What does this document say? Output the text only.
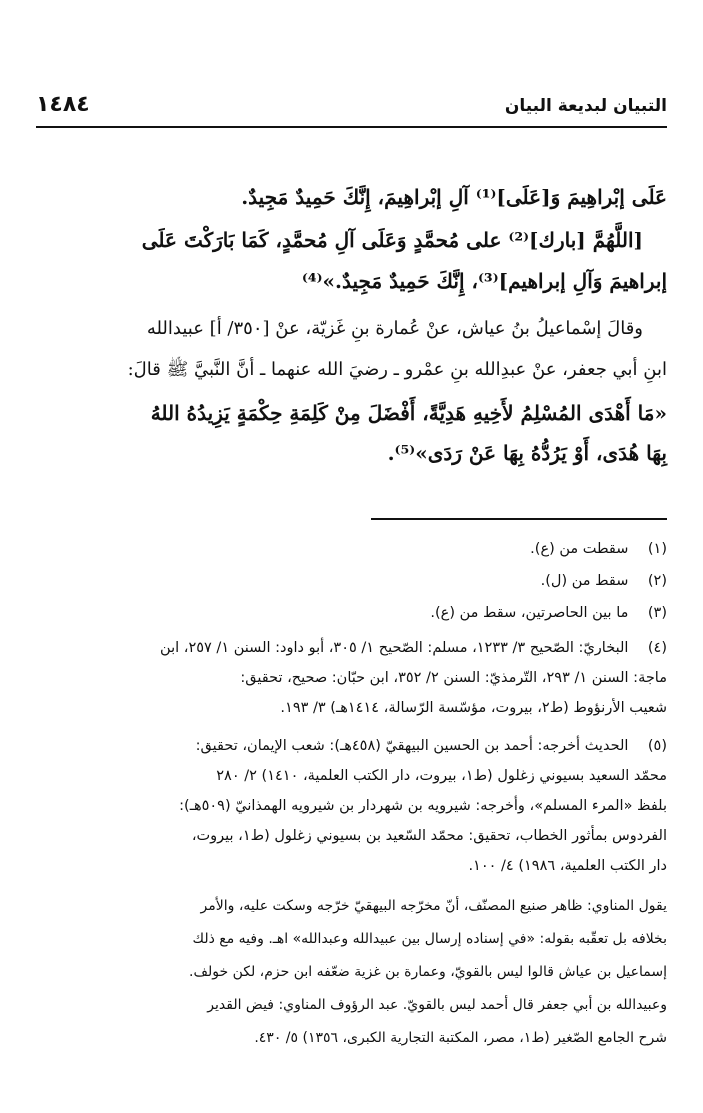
التبيان لبديعة البيان
١٤٨٤
عَلَى إبْراهِيمَ وَ[عَلَى]⁽¹⁾ آلِ إبْراهِيمَ، إِنَّكَ حَمِيدٌ مَجِيدٌ.
[اللَّهُمَّ [بارك]⁽²⁾ على مُحمَّدٍ وَعَلَى آلِ مُحمَّدٍ، كَمَا بَارَكْتَ عَلَى
إبراهيمَ وَآلِ إبراهيم]⁽³⁾، إِنَّكَ حَمِيدٌ مَجِيدٌ.»⁽⁴⁾
وقالَ إسْماعيلُ بنُ عياش، عنْ عُمارة بنِ غَزيّة، عنْ [٣٥٠/ أ] عبيدالله
ابنِ أبي جعفر، عنْ عبدِالله بنِ عمْرو ـ رضيَ الله عنهما ـ أنَّ النَّبيَّ ﷺ قالَ:
«مَا أَهْدَى المُسْلِمُ لأَخِيهِ هَدِيَّةً، أَفْضَلَ مِنْ كَلِمَةِ حِكْمَةٍ يَزِيدُهُ اللهُ
بِهَا هُدَى، أَوْ يَرُدُّهُ بِهَا عَنْ رَدَى»⁽⁵⁾.
(١) سقطت من (ع).
(٢) سقط من (ل).
(٣) ما بين الحاصرتين، سقط من (ع).
(٤) البخاريّ: الصّحيح ٣/ ١٢٣٣، مسلم: الصّحيح ١/ ٣٠٥، أبو داود: السنن ١/ ٢٥٧، ابن
ماجة: السنن ١/ ٢٩٣، التّرمذيّ: السنن ٢/ ٣٥٢، ابن حبّان: صحيح، تحقيق:
شعيب الأرنؤوط (ط٢، بيروت، مؤسّسة الرّسالة، ١٤١٤هـ) ٣/ ١٩٣.
(٥) الحديث أخرجه: أحمد بن الحسين البيهقيّ (٤٥٨هـ): شعب الإيمان، تحقيق:
محمّد السعيد بسيوني زغلول (ط١، بيروت، دار الكتب العلمية، ١٤١٠) ٢/ ٢٨٠
بلفظ «المرء المسلم»، وأخرجه: شيرويه بن شهردار بن شيرويه الهمذانيّ (٥٠٩هـ):
الفردوس بمأثور الخطاب، تحقيق: محمّد السّعيد بن بسيوني زغلول (ط١، بيروت،
دار الكتب العلمية، ١٩٨٦) ٤/ ١٠٠.
يقول المناوي: ظاهر صنيع المصنّف، أنّ مخرّجه البيهقيّ خرّجه وسكت عليه، والأمر
بخلافه بل تعقّبه بقوله: «في إسناده إرسال بين عبيدالله وعبدالله» اهـ. وفيه مع ذلك
إسماعيل بن عياش قالوا ليس بالقويّ، وعمارة بن غزية ضعّفه ابن حزم، لكن خولف.
وعبيدالله بن أبي جعفر قال أحمد ليس بالقويّ. عبد الرؤوف المناوي: فيض القدير
شرح الجامع الصّغير (ط١، مصر، المكتبة التجارية الكبرى، ١٣٥٦) ٥/ ٤٣٠.
